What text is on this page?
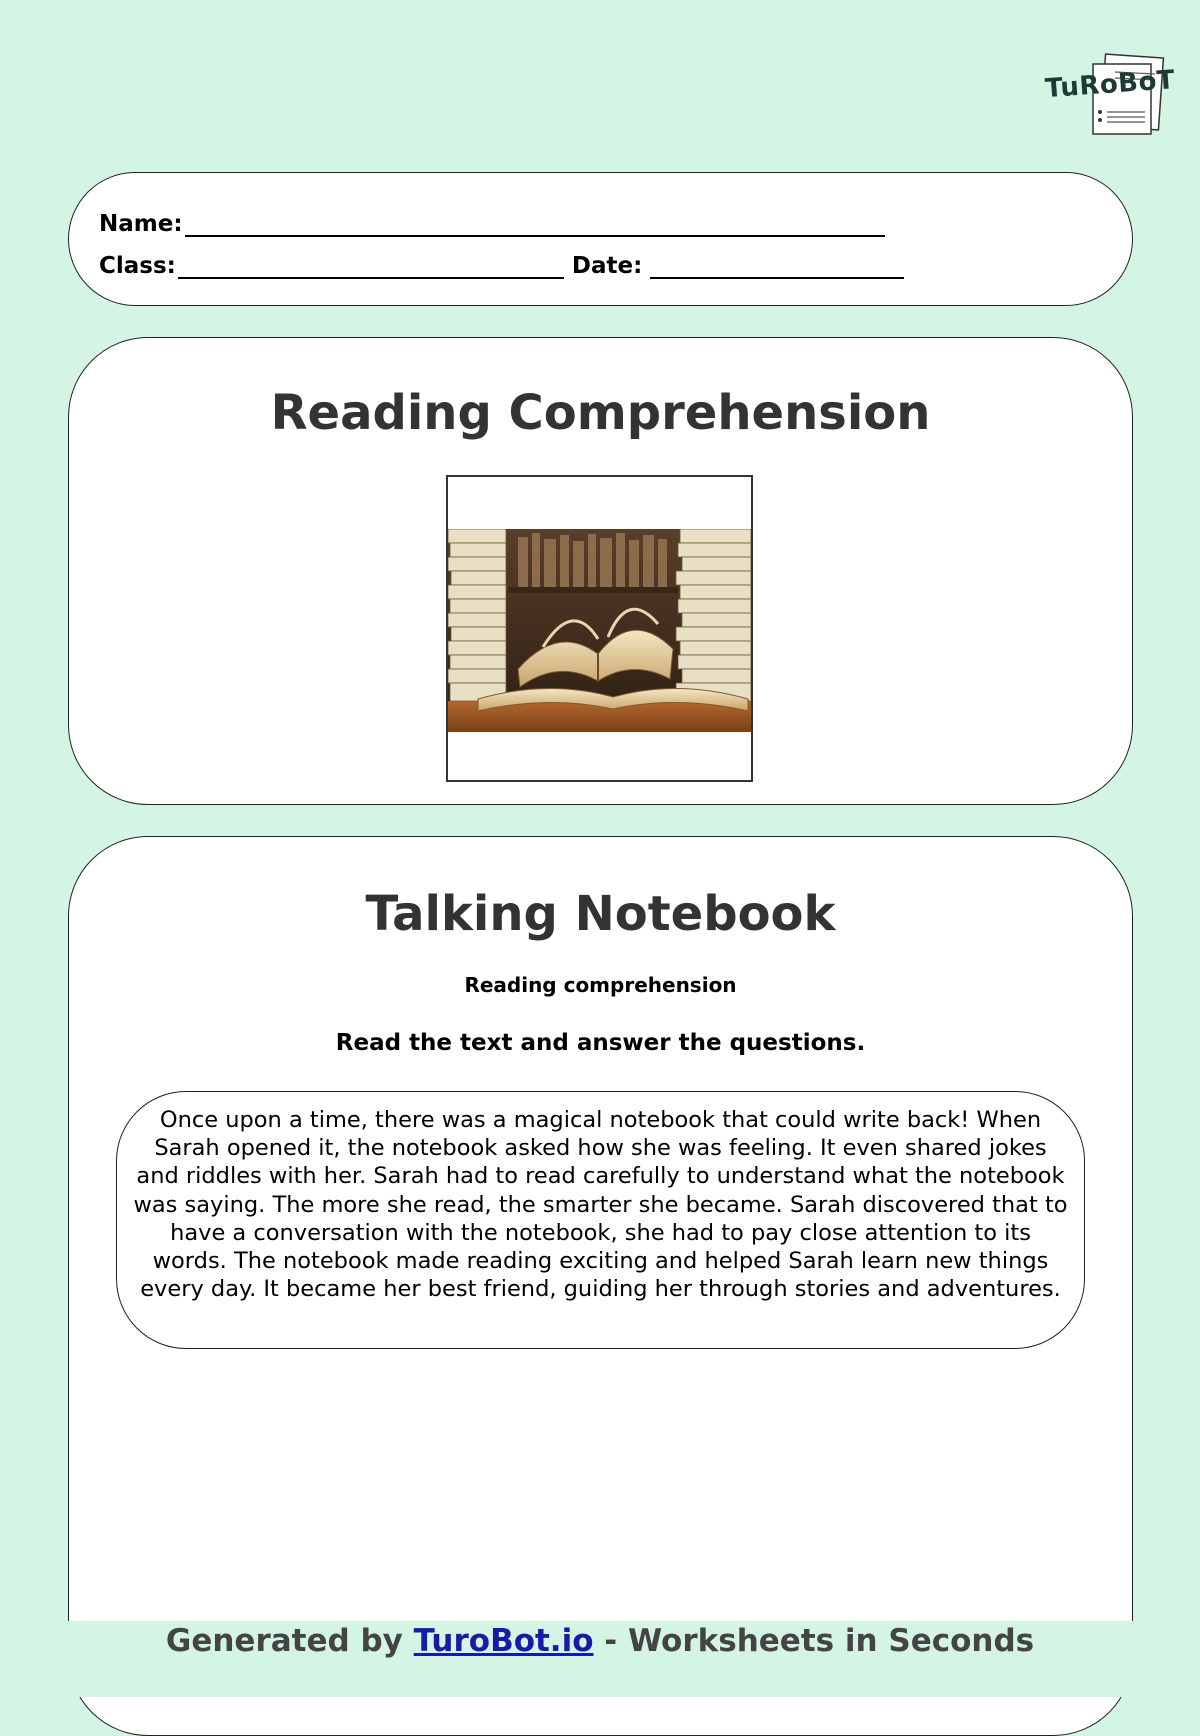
TuRoBoT
Name:
Class:	Date:
Reading Comprehension
Talking Notebook
Reading comprehension
Read the text and answer the questions.
Once upon a time, there was a magical notebook that could write back! When Sarah opened it, the notebook asked how she was feeling. It even shared jokes and riddles with her. Sarah had to read carefully to understand what the notebook was saying. The more she read, the smarter she became. Sarah discovered that to have a conversation with the notebook, she had to pay close attention to its words. The notebook made reading exciting and helped Sarah learn new things every day. It became her best friend, guiding her through stories and adventures.
Generated by TuroBot.io - Worksheets in Seconds
